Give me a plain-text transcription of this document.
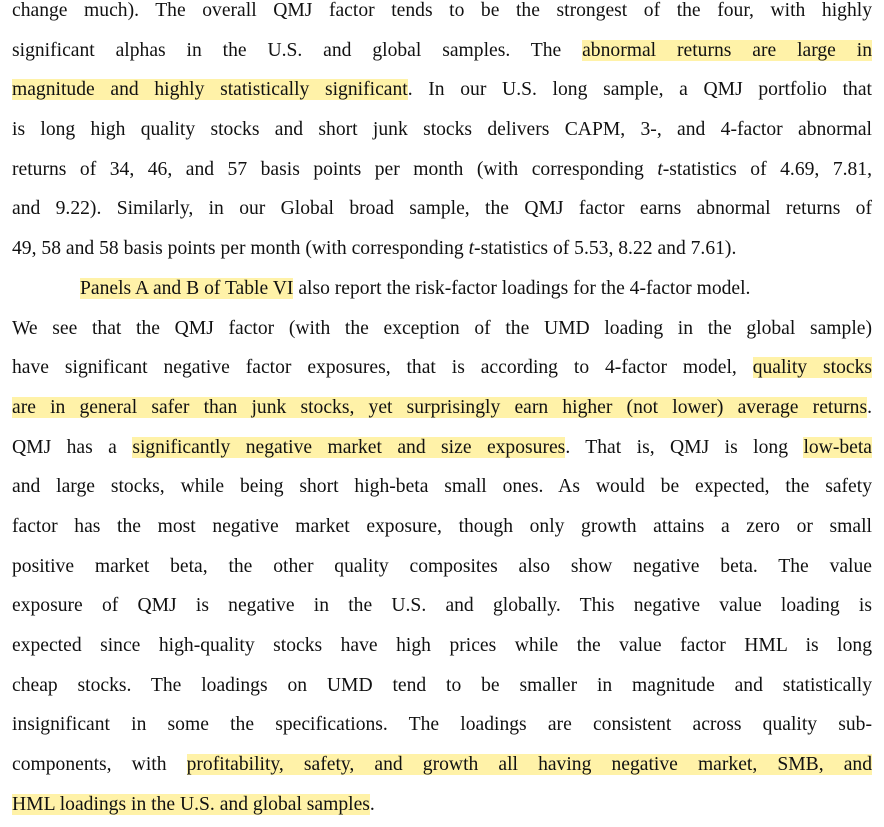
change much). The overall QMJ factor tends to be the strongest of the four, with highly
significant alphas in the U.S. and global samples. The abnormal returns are large in
magnitude and highly statistically significant. In our U.S. long sample, a QMJ portfolio that
is long high quality stocks and short junk stocks delivers CAPM, 3-, and 4-factor abnormal
returns of 34, 46, and 57 basis points per month (with corresponding t-statistics of 4.69, 7.81,
and 9.22). Similarly, in our Global broad sample, the QMJ factor earns abnormal returns of
49, 58 and 58 basis points per month (with corresponding t-statistics of 5.53, 8.22 and 7.61).
Panels A and B of Table VI also report the risk-factor loadings for the 4-factor model.
We see that the QMJ factor (with the exception of the UMD loading in the global sample)
have significant negative factor exposures, that is according to 4-factor model, quality stocks
are in general safer than junk stocks, yet surprisingly earn higher (not lower) average returns.
QMJ has a significantly negative market and size exposures. That is, QMJ is long low-beta
and large stocks, while being short high-beta small ones. As would be expected, the safety
factor has the most negative market exposure, though only growth attains a zero or small
positive market beta, the other quality composites also show negative beta. The value
exposure of QMJ is negative in the U.S. and globally. This negative value loading is
expected since high-quality stocks have high prices while the value factor HML is long
cheap stocks. The loadings on UMD tend to be smaller in magnitude and statistically
insignificant in some the specifications. The loadings are consistent across quality sub-
components, with profitability, safety, and growth all having negative market, SMB, and
HML loadings in the U.S. and global samples.
